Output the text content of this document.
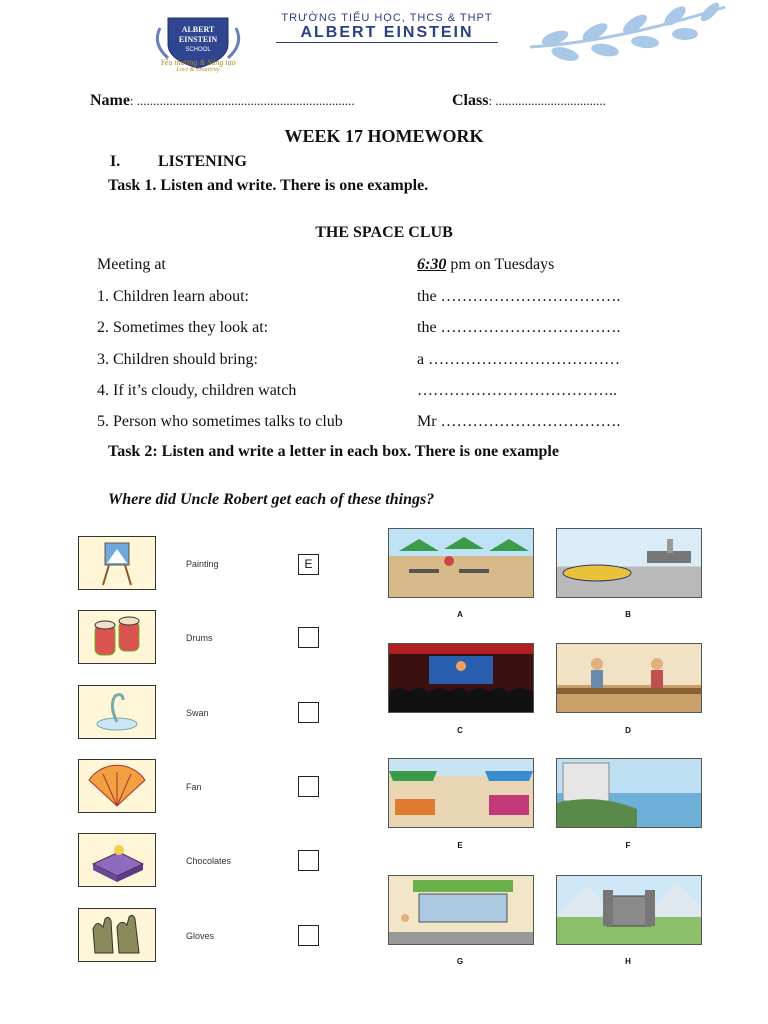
ALBERT
EINSTEIN
SCHOOL
Yêu thương & Sáng tạo
Love & Creativity
TRƯỜNG TIỂU HỌC, THCS & THPT
ALBERT EINSTEIN
Name: ...................................................................	Class: ..................................
WEEK 17 HOMEWORK
I. LISTENING
Task 1. Listen and write. There is one example.
THE SPACE CLUB
Meeting at	6:30 pm on Tuesdays
1. Children learn about:	the …………………………….
2. Sometimes they look at:	the …………………………….
3. Children should bring:	a ………………………………
4. If it’s cloudy, children watch	………………………………..
5. Person who sometimes talks to club	Mr …………………………….
Task 2: Listen and write a letter in each box. There is one example
Where did Uncle Robert get each of these things?
Painting	E
Drums
Swan
Fan
Chocolates
Gloves
A	B
C	D
E	F
G	H
